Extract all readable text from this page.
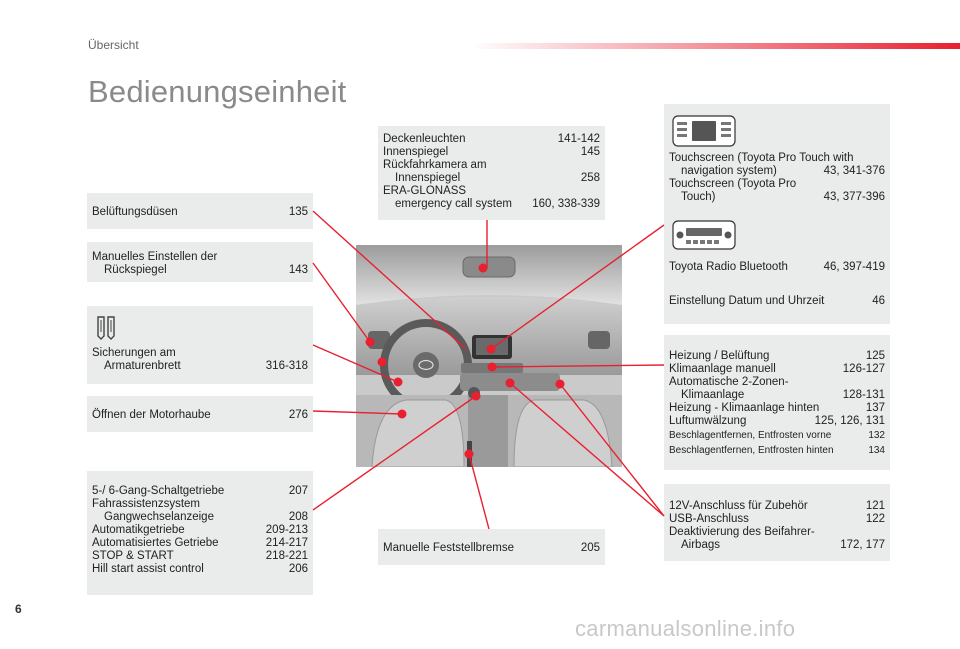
Übersicht
Bedienungseinheit
Belüftungsdüsen	135
Manuelles Einstellen der
Rückspiegel	143
Sicherungen am
Armaturenbrett	316-318
Öffnen der Motorhaube	276
5-/ 6-Gang-Schaltgetriebe	207
Fahrassistenzsystem
Gangwechselanzeige	208
Automatikgetriebe	209-213
Automatisiertes Getriebe	214-217
STOP & START	218-221
Hill start assist control	206
Deckenleuchten	141-142
Innenspiegel	145
Rückfahrkamera am
Innenspiegel	258
ERA-GLONASS
emergency call system	160, 338-339
Manuelle Feststellbremse	205
Touchscreen (Toyota Pro Touch with
navigation system)	43, 341-376
Touchscreen (Toyota Pro
Touch)	43, 377-396
Toyota Radio Bluetooth	46, 397-419
Einstellung Datum und Uhrzeit	46
Heizung / Belüftung	125
Klimaanlage manuell	126-127
Automatische 2-Zonen-
Klimaanlage	128-131
Heizung - Klimaanlage hinten	137
Luftumwälzung	125, 126, 131
Beschlagentfernen, Entfrosten vorne	132
Beschlagentfernen, Entfrosten hinten	134
12V-Anschluss für Zubehör	121
USB-Anschluss	122
Deaktivierung des Beifahrer-
Airbags	172, 177
6
carmanualsonline.info
